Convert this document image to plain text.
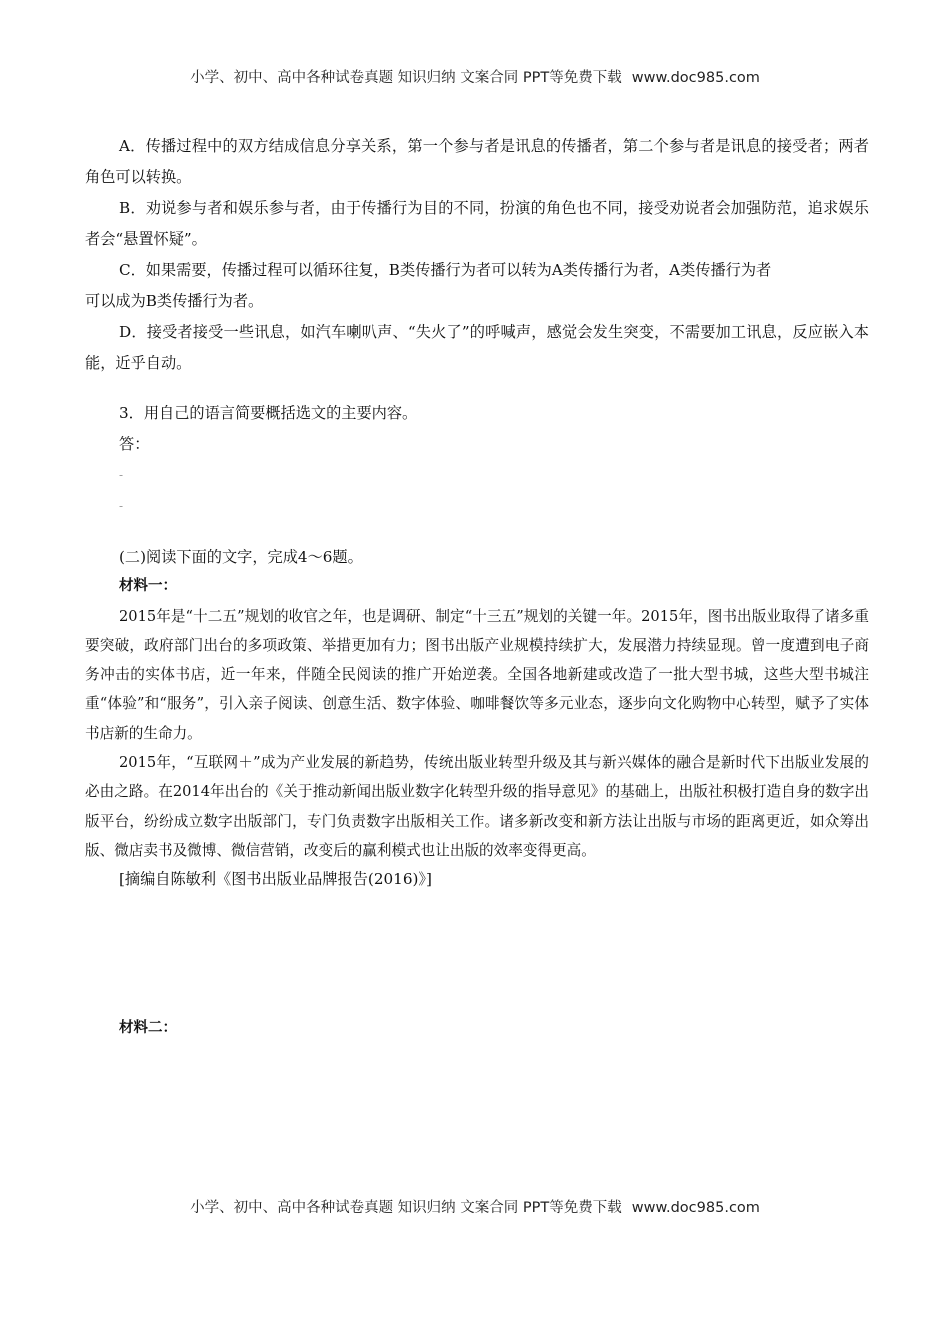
小学、初中、高中各种试卷真题 知识归纳 文案合同 PPT等免费下载 www.doc985.com

A．传播过程中的双方结成信息分享关系，第一个参与者是讯息的传播者，第二个参与者是讯息的接受者；两者角色可以转换。

B．劝说参与者和娱乐参与者，由于传播行为目的不同，扮演的角色也不同，接受劝说者会加强防范，追求娱乐者会“悬置怀疑”。

C．如果需要，传播过程可以循环往复，B类传播行为者可以转为A类传播行为者，A类传播行为者

可以成为B类传播行为者。

D．接受者接受一些讯息，如汽车喇叭声、“失火了”的呼喊声，感觉会发生突变，不需要加工讯息，反应嵌入本能，近乎自动。

3．用自己的语言简要概括选文的主要内容。

答：

-

-

(二)阅读下面的文字，完成4～6题。

材料一：

2015年是“十二五”规划的收官之年，也是调研、制定“十三五”规划的关键一年。2015年，图书出版业取得了诸多重要突破，政府部门出台的多项政策、举措更加有力；图书出版产业规模持续扩大，发展潜力持续显现。曾一度遭到电子商务冲击的实体书店，近一年来，伴随全民阅读的推广开始逆袭。全国各地新建或改造了一批大型书城，这些大型书城注重“体验”和“服务”，引入亲子阅读、创意生活、数字体验、咖啡餐饮等多元业态，逐步向文化购物中心转型，赋予了实体书店新的生命力。

2015年，“互联网＋”成为产业发展的新趋势，传统出版业转型升级及其与新兴媒体的融合是新时代下出版业发展的必由之路。在2014年出台的《关于推动新闻出版业数字化转型升级的指导意见》的基础上，出版社积极打造自身的数字出版平台，纷纷成立数字出版部门，专门负责数字出版相关工作。诸多新改变和新方法让出版与市场的距离更近，如众筹出版、微店卖书及微博、微信营销，改变后的赢利模式也让出版的效率变得更高。

[摘编自陈敏利《图书出版业品牌报告(2016)》]

材料二：

小学、初中、高中各种试卷真题 知识归纳 文案合同 PPT等免费下载 www.doc985.com
